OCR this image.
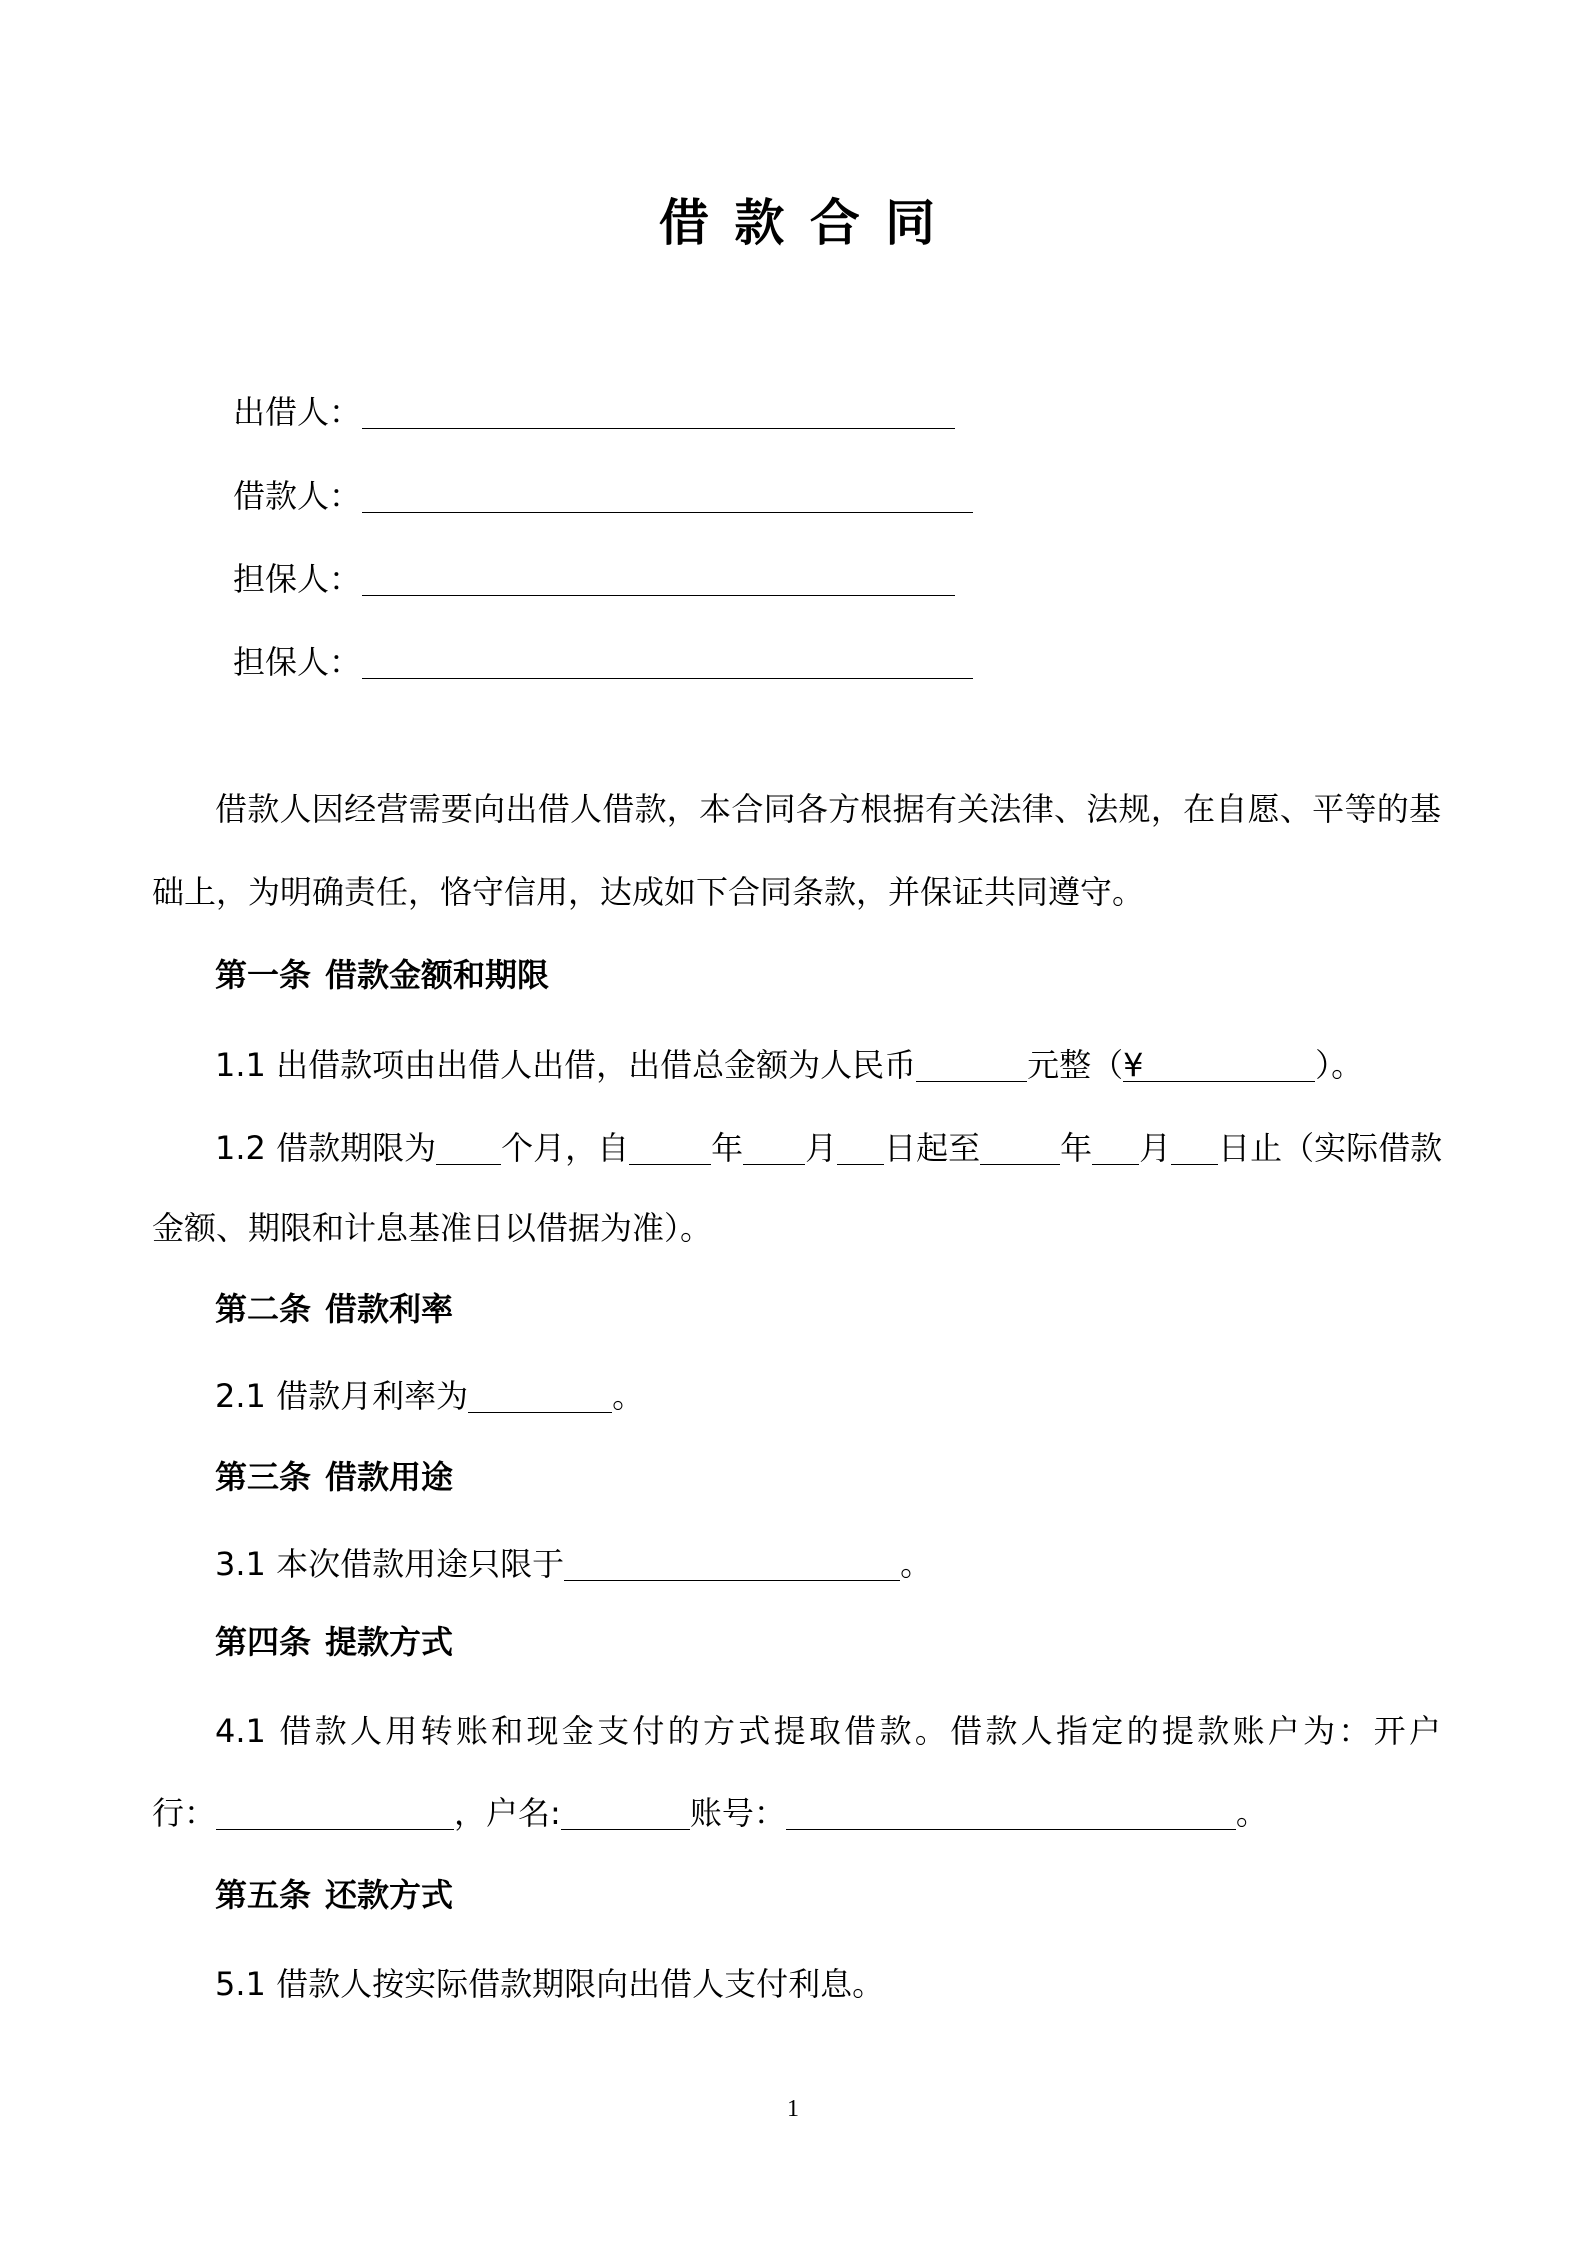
借 款 合 同
出借人：
借款人：
担保人：
担保人：
借款人因经营需要向出借人借款，本合同各方根据有关法律、法规，在自愿、平等的基
础上，为明确责任，恪守信用，达成如下合同条款，并保证共同遵守。
第一条 借款金额和期限
1.1 出借款项由出借人出借，出借总金额为人民币	元整（¥	）。
1.2 借款期限为 个月，自	年 月 日起至	年 月 日止（实际借款
金额、期限和计息基准日以借据为准）。
第二条 借款利率
2.1 借款月利率为	。
第三条 借款用途
3.1 本次借款用途只限于	。
第四条 提款方式
4.1 借款人用转账和现金支付的方式提取借款。借款人指定的提款账户为：开户
行：	，户名:	账号：	。
第五条 还款方式
5.1 借款人按实际借款期限向出借人支付利息。
1
